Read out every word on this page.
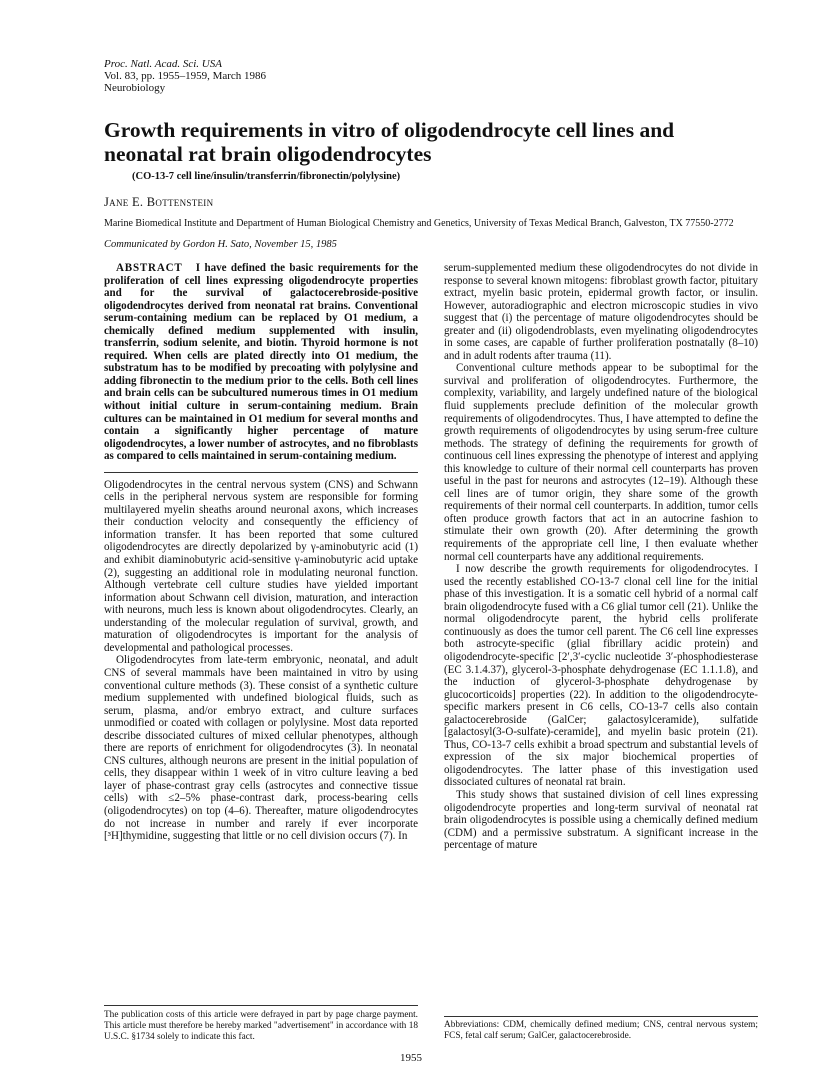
Proc. Natl. Acad. Sci. USA
Vol. 83, pp. 1955–1959, March 1986
Neurobiology
Growth requirements in vitro of oligodendrocyte cell lines and neonatal rat brain oligodendrocytes
(CO-13-7 cell line/insulin/transferrin/fibronectin/polylysine)
Jane E. Bottenstein
Marine Biomedical Institute and Department of Human Biological Chemistry and Genetics, University of Texas Medical Branch, Galveston, TX 77550-2772
Communicated by Gordon H. Sato, November 15, 1985

ABSTRACT I have defined the basic requirements for the proliferation of cell lines expressing oligodendrocyte properties and for the survival of galactocerebroside-positive oligodendrocytes derived from neonatal rat brains. Conventional serum-containing medium can be replaced by O1 medium, a chemically defined medium supplemented with insulin, transferrin, sodium selenite, and biotin. Thyroid hormone is not required. When cells are plated directly into O1 medium, the substratum has to be modified by precoating with polylysine and adding fibronectin to the medium prior to the cells. Both cell lines and brain cells can be subcultured numerous times in O1 medium without initial culture in serum-containing medium. Brain cultures can be maintained in O1 medium for several months and contain a significantly higher percentage of mature oligodendrocytes, a lower number of astrocytes, and no fibroblasts as compared to cells maintained in serum-containing medium.

Oligodendrocytes in the central nervous system (CNS) and Schwann cells in the peripheral nervous system are responsible for forming multilayered myelin sheaths around neuronal axons, which increases their conduction velocity and consequently the efficiency of information transfer. It has been reported that some cultured oligodendrocytes are directly depolarized by γ-aminobutyric acid (1) and exhibit diaminobutyric acid-sensitive γ-aminobutyric acid uptake (2), suggesting an additional role in modulating neuronal function. Although vertebrate cell culture studies have yielded important information about Schwann cell division, maturation, and interaction with neurons, much less is known about oligodendrocytes. Clearly, an understanding of the molecular regulation of survival, growth, and maturation of oligodendrocytes is important for the analysis of developmental and pathological processes.

Oligodendrocytes from late-term embryonic, neonatal, and adult CNS of several mammals have been maintained in vitro by using conventional culture methods (3). These consist of a synthetic culture medium supplemented with undefined biological fluids, such as serum, plasma, and/or embryo extract, and culture surfaces unmodified or coated with collagen or polylysine. Most data reported describe dissociated cultures of mixed cellular phenotypes, although there are reports of enrichment for oligodendrocytes (3). In neonatal CNS cultures, although neurons are present in the initial population of cells, they disappear within 1 week of in vitro culture leaving a bed layer of phase-contrast gray cells (astrocytes and connective tissue cells) with ≤2–5% phase-contrast dark, process-bearing cells (oligodendrocytes) on top (4–6). Thereafter, mature oligodendrocytes do not increase in number and rarely if ever incorporate [³H]thymidine, suggesting that little or no cell division occurs (7). In

serum-supplemented medium these oligodendrocytes do not divide in response to several known mitogens: fibroblast growth factor, pituitary extract, myelin basic protein, epidermal growth factor, or insulin. However, autoradiographic and electron microscopic studies in vivo suggest that (i) the percentage of mature oligodendrocytes should be greater and (ii) oligodendroblasts, even myelinating oligodendrocytes in some cases, are capable of further proliferation postnatally (8–10) and in adult rodents after trauma (11).

Conventional culture methods appear to be suboptimal for the survival and proliferation of oligodendrocytes. Furthermore, the complexity, variability, and largely undefined nature of the biological fluid supplements preclude definition of the molecular growth requirements of oligodendrocytes. Thus, I have attempted to define the growth requirements of oligodendrocytes by using serum-free culture methods. The strategy of defining the requirements for growth of continuous cell lines expressing the phenotype of interest and applying this knowledge to culture of their normal cell counterparts has proven useful in the past for neurons and astrocytes (12–19). Although these cell lines are of tumor origin, they share some of the growth requirements of their normal cell counterparts. In addition, tumor cells often produce growth factors that act in an autocrine fashion to stimulate their own growth (20). After determining the growth requirements of the appropriate cell line, I then evaluate whether normal cell counterparts have any additional requirements.

I now describe the growth requirements for oligodendrocytes. I used the recently established CO-13-7 clonal cell line for the initial phase of this investigation. It is a somatic cell hybrid of a normal calf brain oligodendrocyte fused with a C6 glial tumor cell (21). Unlike the normal oligodendrocyte parent, the hybrid cells proliferate continuously as does the tumor cell parent. The C6 cell line expresses both astrocyte-specific (glial fibrillary acidic protein) and oligodendrocyte-specific [2′,3′-cyclic nucleotide 3′-phosphodiesterase (EC 3.1.4.37), glycerol-3-phosphate dehydrogenase (EC 1.1.1.8), and the induction of glycerol-3-phosphate dehydrogenase by glucocorticoids] properties (22). In addition to the oligodendrocyte-specific markers present in C6 cells, CO-13-7 cells also contain galactocerebroside (GalCer; galactosylceramide), sulfatide [galactosyl(3-O-sulfate)-ceramide], and myelin basic protein (21). Thus, CO-13-7 cells exhibit a broad spectrum and substantial levels of expression of the six major biochemical properties of oligodendrocytes. The latter phase of this investigation used dissociated cultures of neonatal rat brain.

This study shows that sustained division of cell lines expressing oligodendrocyte properties and long-term survival of neonatal rat brain oligodendrocytes is possible using a chemically defined medium (CDM) and a permissive substratum. A significant increase in the percentage of mature

The publication costs of this article were defrayed in part by page charge payment. This article must therefore be hereby marked "advertisement" in accordance with 18 U.S.C. §1734 solely to indicate this fact.
Abbreviations: CDM, chemically defined medium; CNS, central nervous system; FCS, fetal calf serum; GalCer, galactocerebroside.
1955
